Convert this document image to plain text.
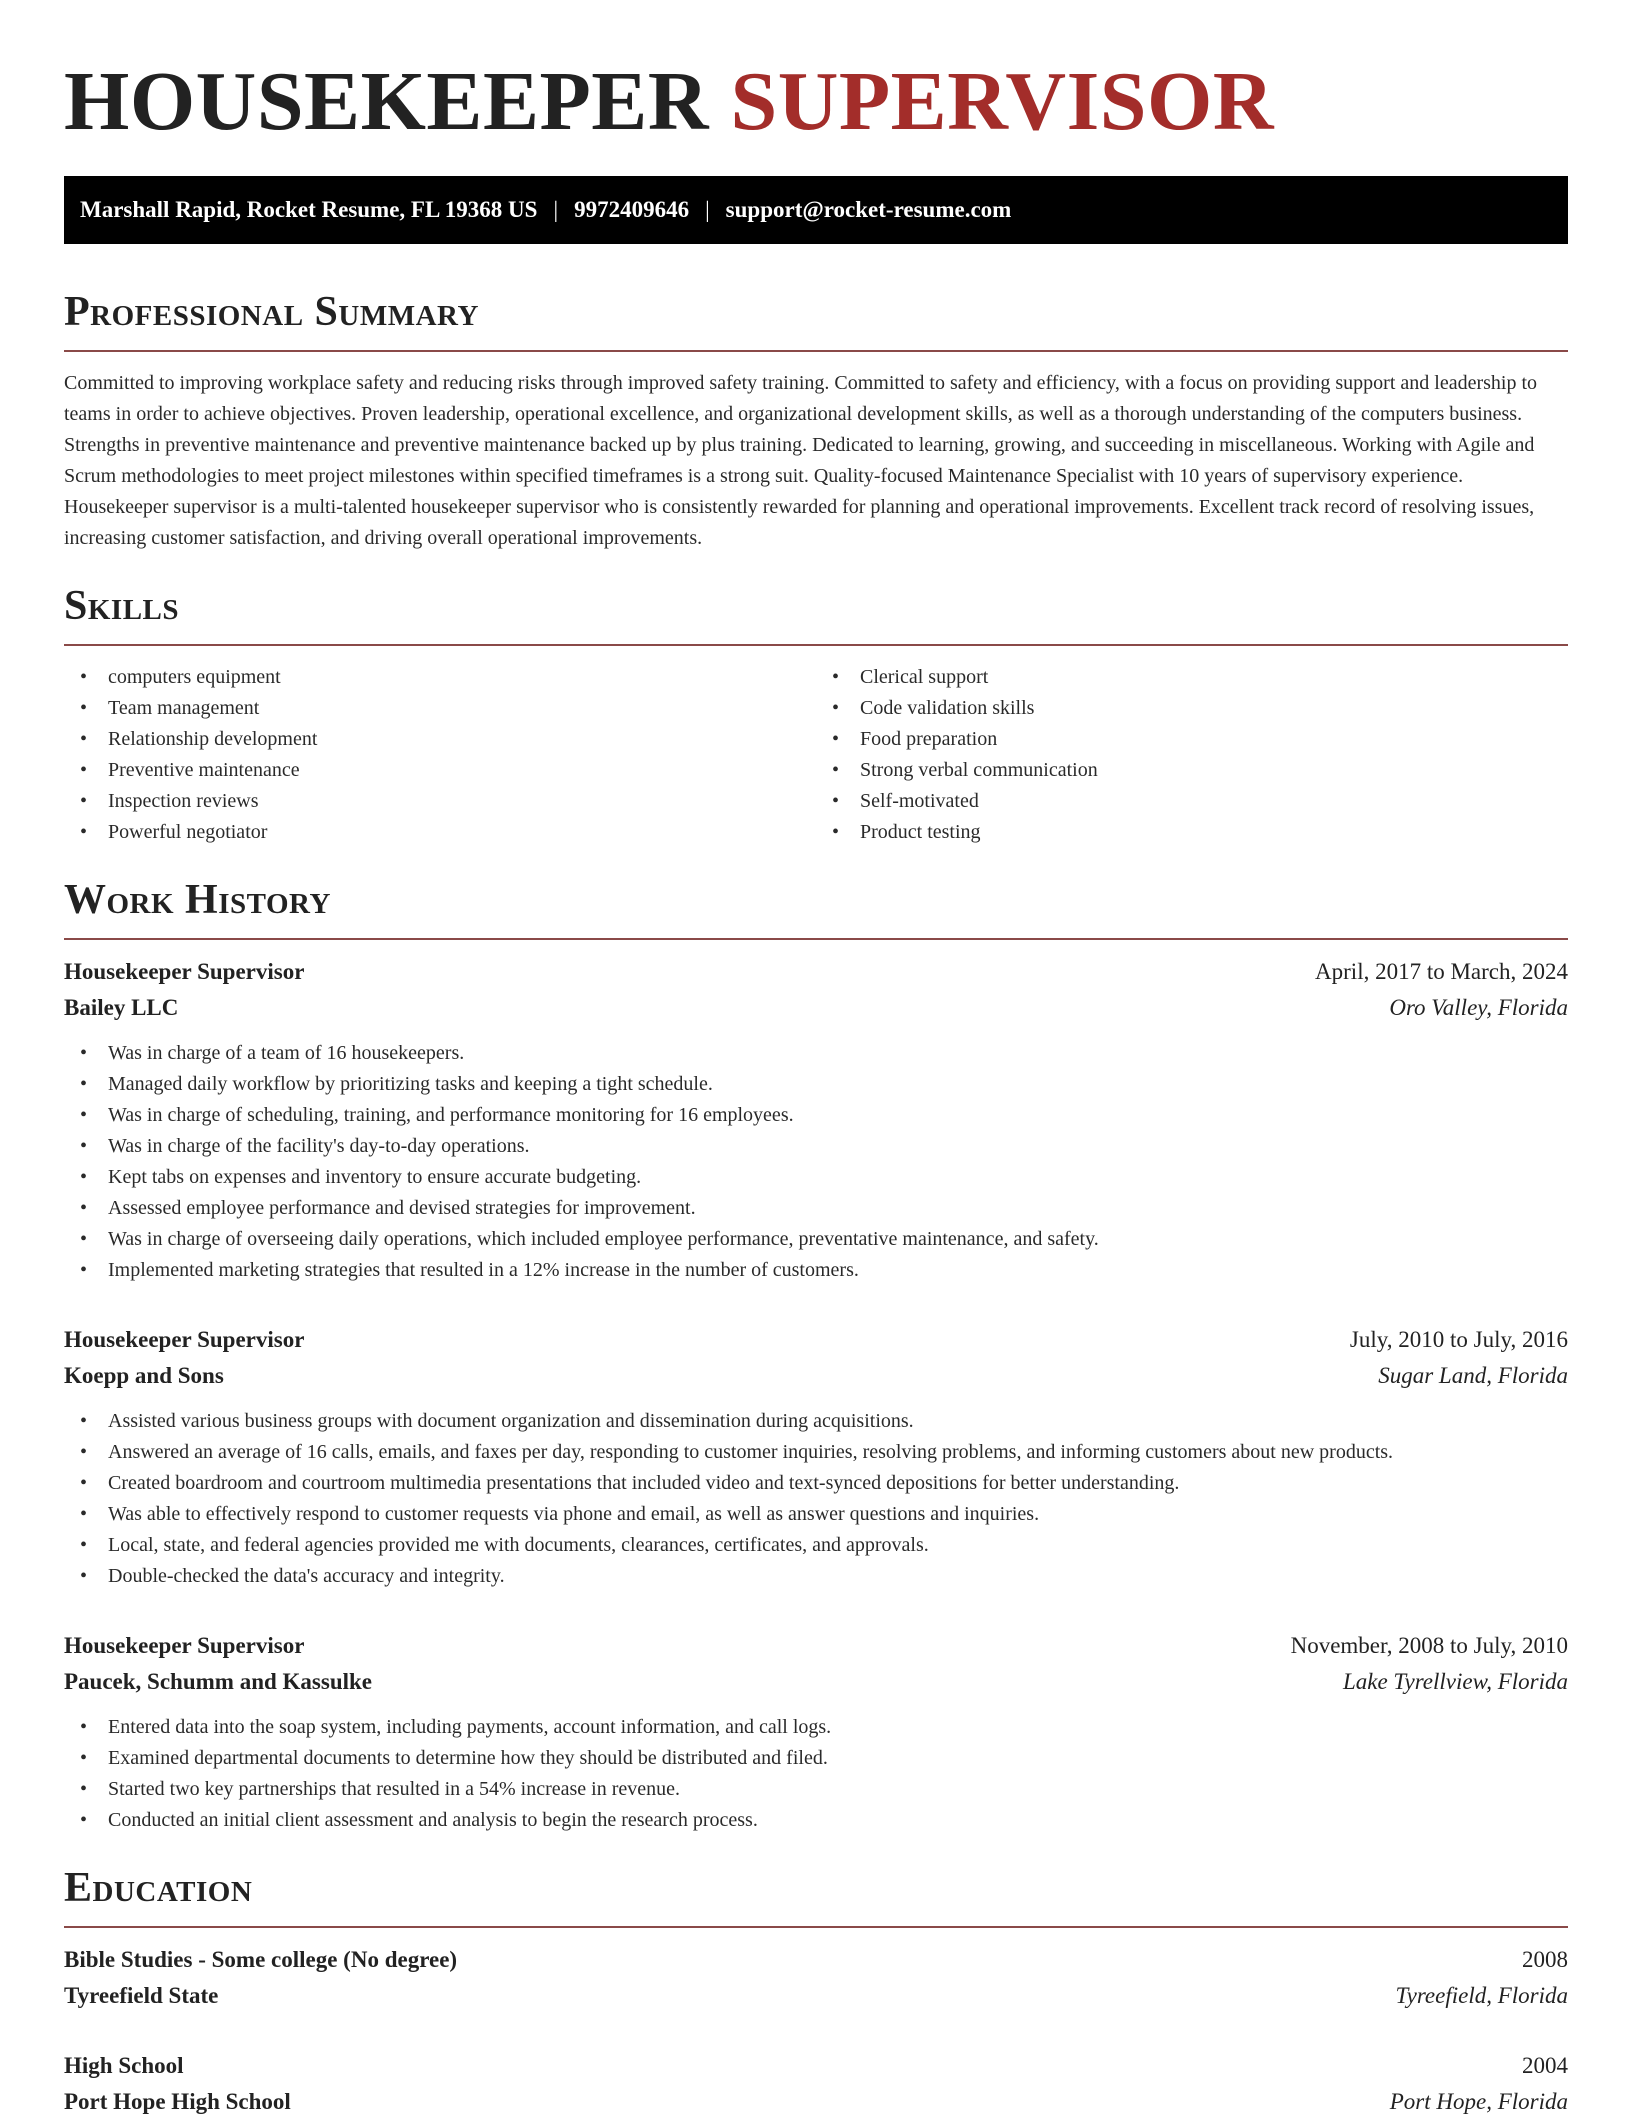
HOUSEKEEPER SUPERVISOR
Marshall Rapid, Rocket Resume, FL 19368 US | 9972409646 | support@rocket-resume.com
Professional Summary

Committed to improving workplace safety and reducing risks through improved safety training. Committed to safety and efficiency, with a focus on providing support and leadership to teams in order to achieve objectives. Proven leadership, operational excellence, and organizational development skills, as well as a thorough understanding of the computers business. Strengths in preventive maintenance and preventive maintenance backed up by plus training. Dedicated to learning, growing, and succeeding in miscellaneous. Working with Agile and Scrum methodologies to meet project milestones within specified timeframes is a strong suit. Quality-focused Maintenance Specialist with 10 years of supervisory experience. Housekeeper supervisor is a multi-talented housekeeper supervisor who is consistently rewarded for planning and operational improvements. Excellent track record of resolving issues, increasing customer satisfaction, and driving overall operational improvements.

Skills
• computers equipment
• Team management
• Relationship development
• Preventive maintenance
• Inspection reviews
• Powerful negotiator
• Clerical support
• Code validation skills
• Food preparation
• Strong verbal communication
• Self-motivated
• Product testing
Work History
Housekeeper Supervisor	April, 2017 to March, 2024
Bailey LLC	Oro Valley, Florida
• Was in charge of a team of 16 housekeepers.
• Managed daily workflow by prioritizing tasks and keeping a tight schedule.
• Was in charge of scheduling, training, and performance monitoring for 16 employees.
• Was in charge of the facility's day-to-day operations.
• Kept tabs on expenses and inventory to ensure accurate budgeting.
• Assessed employee performance and devised strategies for improvement.
• Was in charge of overseeing daily operations, which included employee performance, preventative maintenance, and safety.
• Implemented marketing strategies that resulted in a 12% increase in the number of customers.
Housekeeper Supervisor	July, 2010 to July, 2016
Koepp and Sons	Sugar Land, Florida
• Assisted various business groups with document organization and dissemination during acquisitions.
• Answered an average of 16 calls, emails, and faxes per day, responding to customer inquiries, resolving problems, and informing customers about new products.
• Created boardroom and courtroom multimedia presentations that included video and text-synced depositions for better understanding.
• Was able to effectively respond to customer requests via phone and email, as well as answer questions and inquiries.
• Local, state, and federal agencies provided me with documents, clearances, certificates, and approvals.
• Double-checked the data's accuracy and integrity.
Housekeeper Supervisor	November, 2008 to July, 2010
Paucek, Schumm and Kassulke	Lake Tyrellview, Florida
• Entered data into the soap system, including payments, account information, and call logs.
• Examined departmental documents to determine how they should be distributed and filed.
• Started two key partnerships that resulted in a 54% increase in revenue.
• Conducted an initial client assessment and analysis to begin the research process.
Education
Bible Studies - Some college (No degree)	2008
Tyreefield State	Tyreefield, Florida
High School	2004
Port Hope High School	Port Hope, Florida
